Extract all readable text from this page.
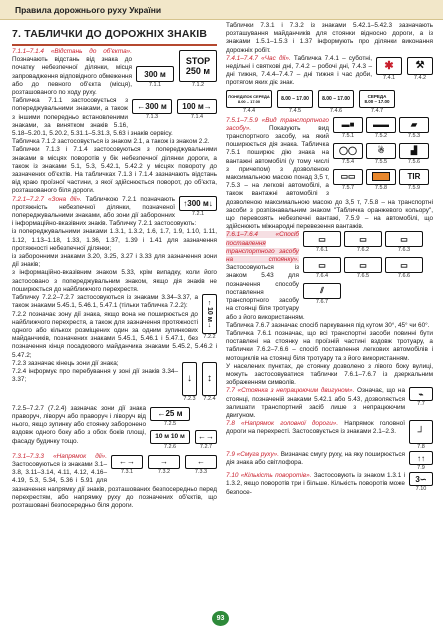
Правила дорожнього руху України
7. ТАБЛИЧКИ ДО ДОРОЖНІХ ЗНАКІВ
300 м
7.1.1
STOP
250 м
7.1.2

7.1.1–7.1.4 «Відстань до об'єкта». Позначають відстань від знака до початку небезпечної ділянки, місця запровадження відповідного обмеження або до певного об'єкта (місця), розташованого по ходу руху.

← 300 м
7.1.3
100 м →
7.1.4

Табличка 7.1.1 застосовується з попереджувальними знаками, а також з іншими попередньо встановленими знаками, за винятком знаків 5.16, 5.18–5.20.1, 5.20.2, 5.31.1–5.31.3, 5.63 і знаків сервісу.

Табличка 7.1.2 застосовується із знаком 2.1, а також із знаком 2.2.

Таблички 7.1.3 і 7.1.4 застосовуються з попереджувальними знаками в місцях поворотів у бік небезпечної ділянки дороги, а також із знаками 5.1, 5.3, 5.42.1, 5.42.2 у місцях повороту до зазначених об'єктів. На табличках 7.1.3 і 7.1.4 зазначають відстань від краю проїзної частини, з якої здійснюється поворот, до об'єкта, розташованого біля дороги.

↑ 300 м ↓
7.2.1

7.2.1–7.2.7 «Зона дії». Табличкою 7.2.1 позначають протяжність небезпечної ділянки, позначеної попереджувальними знаками, або зони дії заборонних і інформаційно-вказівних знаків. Табличку 7.2.1 застосовують:

із попереджувальними знаками 1.3.1, 1.3.2, 1.6, 1.7, 1.9, 1.10, 1.11, 1.12, 1.13–1.18, 1.33, 1.36, 1.37, 1.39 і 1.41 для зазначення протяжності небезпечної ділянки;

із заборонними знаками 3.20, 3.25, 3.27 і 3.33 для зазначення зони дії знаків;

з інформаційно-вказівним знаком 5.33, крім випадку, коли його застосовано з попереджувальним знаком, якщо дія знаків не поширюється до найближчого перехрестя.

↑
10 м
↓
7.2.2

Табличку 7.2.2–7.2.7 застосовуються із знаками 3.34–3.37, а також знаками 5.45.1, 5.46.1, 5.47.1 (тільки табличка 7.2.2):

7.2.2 позначає зону дії знака, якщо вона не поширюється до найближчого перехрестя, а також для зазначення протяжності одного або кількох розміщених один за одним зупинкових майданчиків, позначених знаками 5.45.1, 5.46.1 і 5.47.1, без позначення кінця посадкового майданчика знаками 5.45.2, 5.46.2 і 5.47.2;

↓
7.2.3
↕
7.2.4

7.2.3 зазначає кінець зони дії знака;

7.2.4 інформує про перебування у зоні дії знаків 3.34–3.37;

← 25 м
7.2.5
10 м
10 м
7.2.6
←→
7.2.7

7.2.5–7.2.7 (7.2.4) зазначає зони дії знака праворуч, ліворуч або праворуч і ліворуч від нього, якщо зупинку або стоянку заборонено вздовж одного боку або з обох боків площі, фасаду будинку тощо.

←→
7.3.1
→
7.3.2
←
7.3.3

7.3.1–7.3.3 «Напрямок дії». Застосовуються із знаками 3.1–3.8, 3.11–3.14, 4.11, 4.12, 4.16–4.19, 5.3, 5.34, 5.36 і 5.91 для зазначення напрямку дії знаків, розташованих безпосередньо перед перехрестям, або напрямку руху до позначених об'єктів, що розташовані безпосередньо біля дороги.

Таблички 7.3.1 і 7.3.2 із знаками 5.42.1–5.42.3 зазначають розташування майданчиків для стоянки відносно дороги, а із знаками 1.5.1–1.5.3 і 1.37 інформують про ділянки виконання дорожніх робіт.

✱
7.4.1
⚒
7.4.2

7.4.1–7.4.7 «Час дії». Табличка 7.4.1 – суботні, недільні і святкові дні, 7.4.2 – робочі дні, 7.4.3 – дні тижня, 7.4.4–7.4.7 – дні тижня і час доби, протягом яких діє знак.

ПОНЕДІЛОК СЕРЕДА
8.00 – 17.00
7.4.4
8.00 – 17.00
7.4.5
8.00 – 17.00
7.4.6
СЕРЕДА
8.00 – 17.00
7.4.7
▬■
7.5.1
▬▬
7.5.2
▰
7.5.3
◯◯
7.5.4
☃
7.5.5
▟
7.5.6
▭▭
7.5.7	7.5.8
TIR
7.5.9

7.5.1–7.5.9 «Вид транспортного засобу». Показують вид транспортного засобу, на який поширюється дія знака. Табличка 7.5.1 поширює дію знака на вантажні автомобілі (у тому числі з причепом) з дозволеною максимальною масою понад 3,5 т, 7.5.3 – на легкові автомобілі, а також вантажні автомобілі з дозволеною максимальною масою до 3,5 т, 7.5.8 – на транспортні засоби з розпізнавальним знаком "Табличка оранжевого кольору", що перевозять небезпечні вантажі, 7.5.9 – на автомобілі, що здійснюють міжнародні перевезення вантажів.

▭
7.6.1
▭
7.6.2
▭
7.6.3
▭
7.6.4
▭
7.6.5
▭
7.6.6
⫽
7.6.7

7.6.1–7.6.4 «Спосіб поставлення транспортного засобу на стоянку». Застосовуються із знаком 5.43 для позначення способу поставлення транспортного засобу на стоянці біля тротуару або з його використанням.

Табличка 7.6.7 зазначає спосіб паркування під кутом 30°, 45° чи 60°.

Табличка 7.6.1 позначає, що всі транспортні засоби повинні бути поставлені на стоянку на проїзній частині вздовж тротуару, а таблички 7.6.2–7.6.6 – спосіб поставлення легкових автомобілів і мотоциклів на стоянці біля тротуару та з його використанням.

У населених пунктах, де стоянку дозволено з лівого боку вулиці, можуть застосовуватися таблички 7.6.1–7.6.7 із дзеркальним зображенням символів.

⌁
7.7

7.7 «Стоянка з непрацюючим двигуном». Означає, що на стоянці, позначеній знаками 5.42.1 або 5.43, дозволяється залишати транспортний засіб лише з непрацюючим двигуном.

┘
7.8

7.8 «Напрямок головної дороги». Напрямок головної дороги на перехресті. Застосовується із знаками 2.1–2.3.

↑↑
7.9

7.9 «Смуга руху». Визначає смугу руху, на яку поширюється дія знака або світлофора.

3∽
7.10

7.10 «Кількість поворотів». Застосовують із знаком 1.3.1 і 1.3.2, якщо поворотів три і більше. Кількість поворотів може безпосе-

93
